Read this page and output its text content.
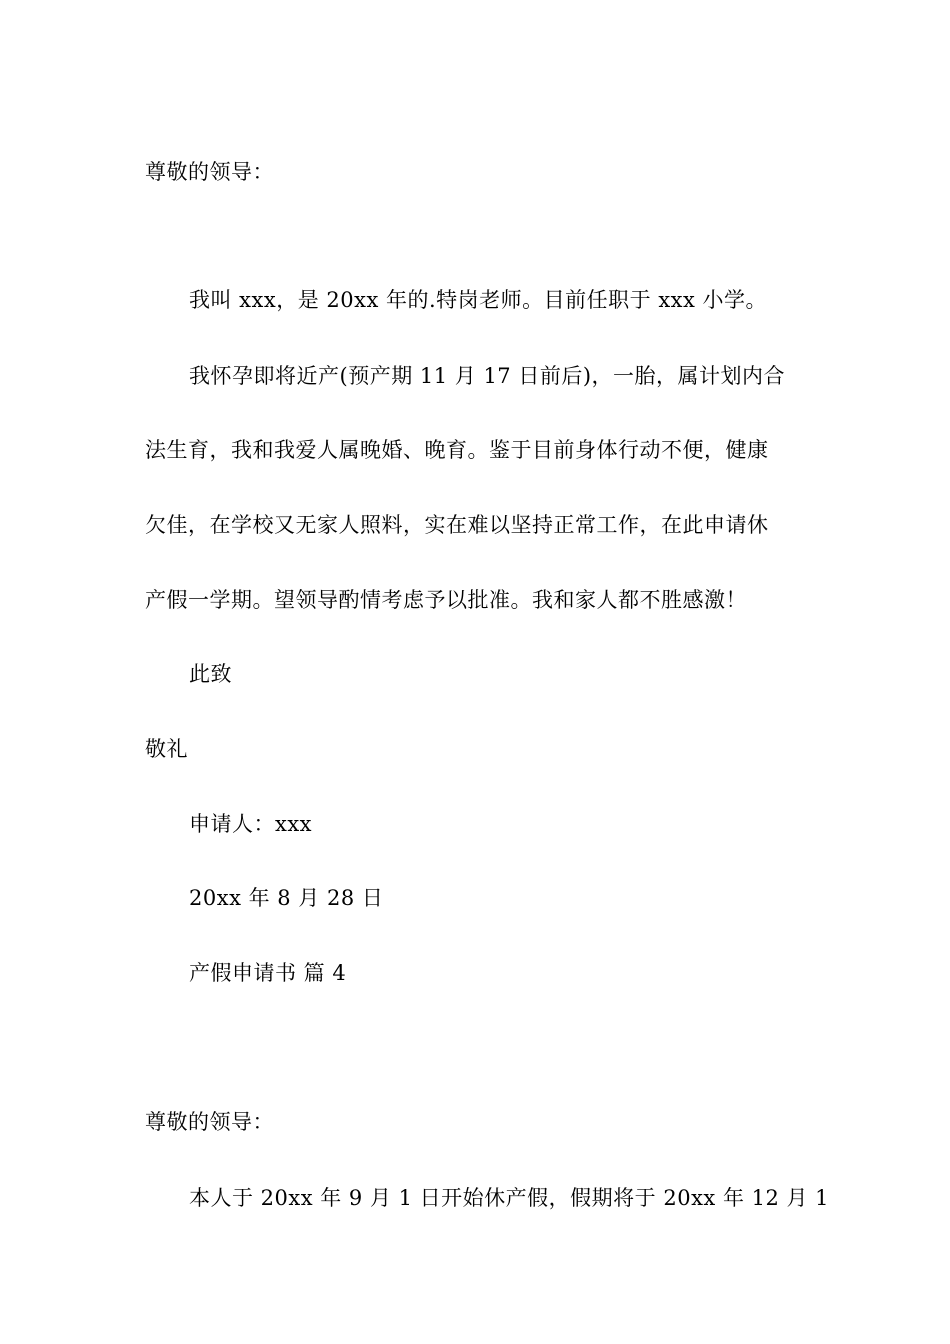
尊敬的领导：
我叫 xxx，是 20xx 年的.特岗老师。目前任职于 xxx 小学。
我怀孕即将近产(预产期 11 月 17 日前后)，一胎，属计划内合
法生育，我和我爱人属晚婚、晚育。鉴于目前身体行动不便，健康
欠佳，在学校又无家人照料，实在难以坚持正常工作，在此申请休
产假一学期。望领导酌情考虑予以批准。我和家人都不胜感激！
此致
敬礼
申请人：xxx
20xx 年 8 月 28 日
产假申请书 篇 4
尊敬的领导：
本人于 20xx 年 9 月 1 日开始休产假，假期将于 20xx 年 12 月 1
